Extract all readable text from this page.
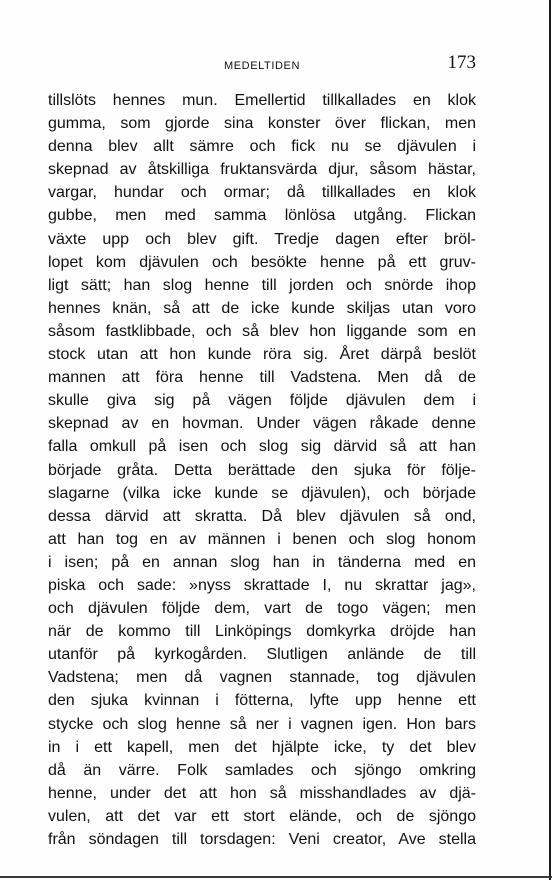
MEDELTIDEN	173
tillslöts hennes mun. Emellertid tillkallades en klok
gumma, som gjorde sina konster över flickan, men
denna blev allt sämre och fick nu se djävulen i
skepnad av åtskilliga fruktansvärda djur, såsom hästar,
vargar, hundar och ormar; då tillkallades en klok
gubbe, men med samma lönlösa utgång. Flickan
växte upp och blev gift. Tredje dagen efter bröl-
lopet kom djävulen och besökte henne på ett gruv-
ligt sätt; han slog henne till jorden och snörde ihop
hennes knän, så att de icke kunde skiljas utan voro
såsom fastklibbade, och så blev hon liggande som en
stock utan att hon kunde röra sig. Året därpå beslöt
mannen att föra henne till Vadstena. Men då de
skulle giva sig på vägen följde djävulen dem i
skepnad av en hovman. Under vägen råkade denne
falla omkull på isen och slog sig därvid så att han
började gråta. Detta berättade den sjuka för följe-
slagarne (vilka icke kunde se djävulen), och började
dessa därvid att skratta. Då blev djävulen så ond,
att han tog en av männen i benen och slog honom
i isen; på en annan slog han in tänderna med en
piska och sade: »nyss skrattade I, nu skrattar jag»,
och djävulen följde dem, vart de togo vägen; men
när de kommo till Linköpings domkyrka dröjde han
utanför på kyrkogården. Slutligen anlände de till
Vadstena; men då vagnen stannade, tog djävulen
den sjuka kvinnan i fötterna, lyfte upp henne ett
stycke och slog henne så ner i vagnen igen. Hon bars
in i ett kapell, men det hjälpte icke, ty det blev
då än värre. Folk samlades och sjöngo omkring
henne, under det att hon så misshandlades av djä-
vulen, att det var ett stort elände, och de sjöngo
från söndagen till torsdagen: Veni creator, Ave stella
